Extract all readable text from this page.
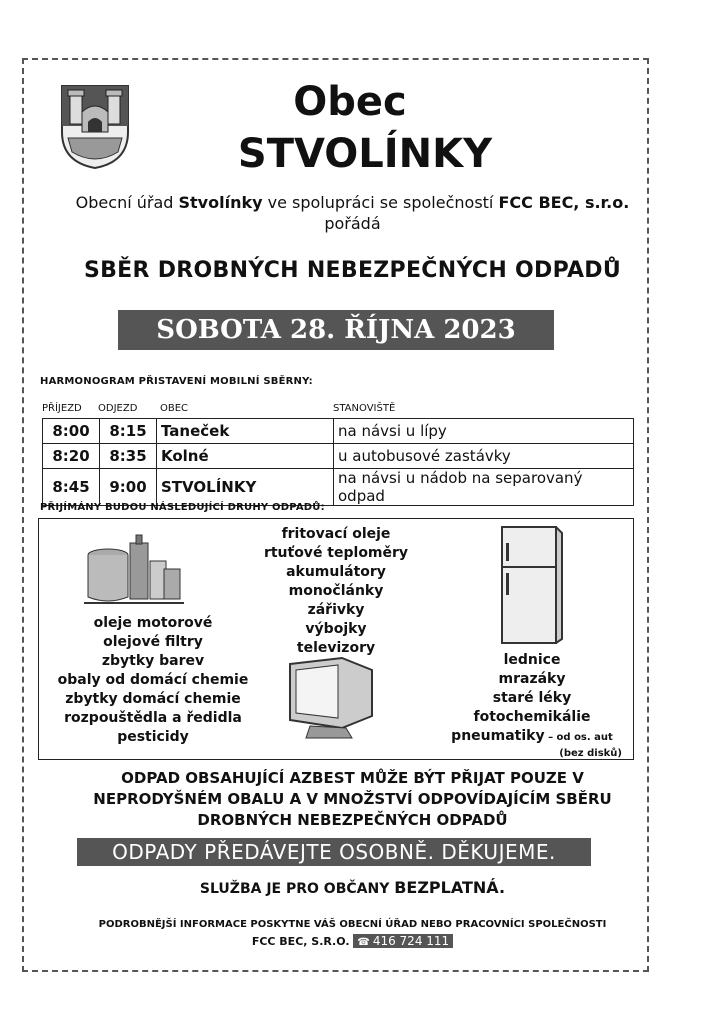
Obec
STVOLÍNKY
Obecní úřad Stvolínky ve spolupráci se společností FCC BEC, s.r.o.
pořádá
SBĚR DROBNÝCH NEBEZPEČNÝCH ODPADŮ
SOBOTA 28. ŘÍJNA 2023
HARMONOGRAM PŘISTAVENÍ MOBILNÍ SBĚRNY:
PŘÍJEZD ODJEZD OBEC	STANOVIŠTĚ
8:00	8:15	Taneček	na návsi u lípy
8:20	8:35	Kolné	u autobusové zastávky
8:45	9:00	STVOLÍNKY	na návsi u nádob na separovaný odpad
PŘIJÍMÁNY BUDOU NÁSLEDUJÍCÍ DRUHY ODPADŮ:
oleje motorové
olejové filtry
zbytky barev
obaly od domácí chemie
zbytky domácí chemie
rozpouštědla a ředidla
pesticidy
fritovací oleje
rtuťové teploměry
akumulátory
monočlánky
zářivky
výbojky
televizory
lednice
mrazáky
staré léky
fotochemikálie
pneumatiky – od os. aut
(bez disků)
ODPAD OBSAHUJÍCÍ AZBEST MŮŽE BÝT PŘIJAT POUZE V
NEPRODYŠNÉM OBALU A V MNOŽSTVÍ ODPOVÍDAJÍCÍM SBĚRU
DROBNÝCH NEBEZPEČNÝCH ODPADŮ
ODPADY PŘEDÁVEJTE OSOBNĚ. DĚKUJEME.
SLUŽBA JE PRO OBČANY BEZPLATNÁ.
PODROBNĚJŠÍ INFORMACE POSKYTNE VÁŠ OBECNÍ ÚŘAD NEBO PRACOVNÍCI SPOLEČNOSTI
FCC BEC, S.R.O. ☎ 416 724 111
